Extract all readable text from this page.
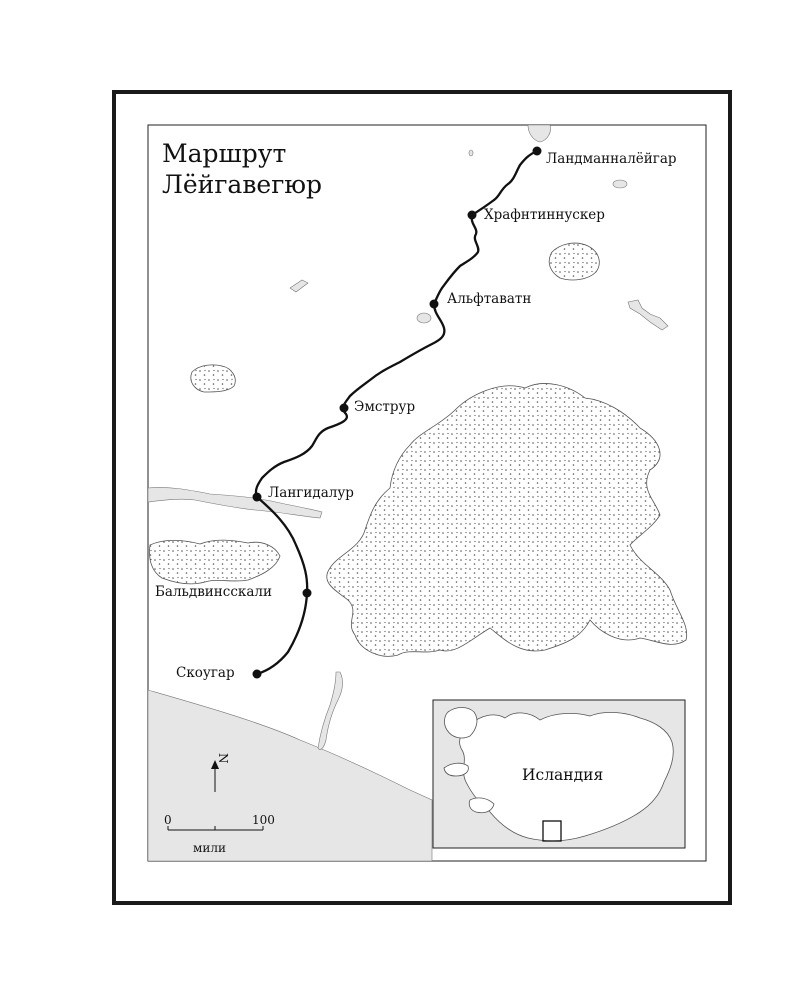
Маршрут
Лёйгавегюр
Ландманналёйгар
Храфнтиннускер
Альфтаватн
Эмструр
Лангидалур
Бальдвинсскали
Скоугар
N
0	100
мили
Исландия
